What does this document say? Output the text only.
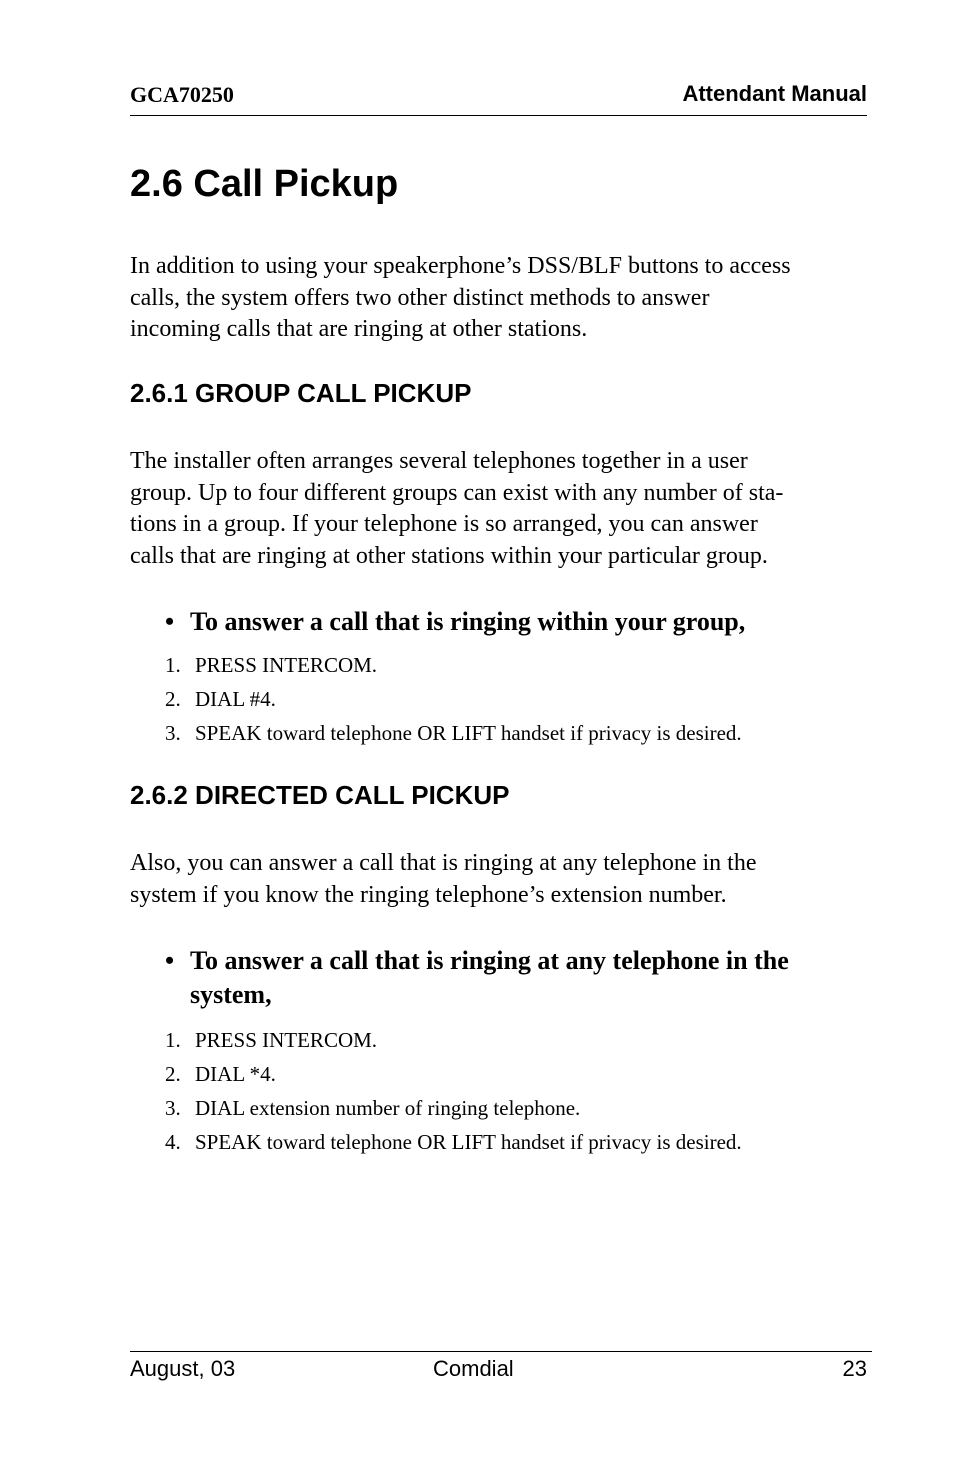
GCA70250	Attendant Manual
2.6 Call Pickup

In addition to using your speakerphone’s DSS/BLF buttons to access
calls, the system offers two other distinct methods to answer
incoming calls that are ringing at other stations.

2.6.1 GROUP CALL PICKUP

The installer often arranges several telephones together in a user
group. Up to four different groups can exist with any number of sta-
tions in a group. If your telephone is so arranged, you can answer
calls that are ringing at other stations within your particular group.

• To answer a call that is ringing within your group,
1. PRESS INTERCOM.
2. DIAL #4.
3. SPEAK toward telephone OR LIFT handset if privacy is desired.
2.6.2 DIRECTED CALL PICKUP

Also, you can answer a call that is ringing at any telephone in the
system if you know the ringing telephone’s extension number.

• To answer a call that is ringing at any telephone in the
system,
1. PRESS INTERCOM.
2. DIAL *4.
3. DIAL extension number of ringing telephone.
4. SPEAK toward telephone OR LIFT handset if privacy is desired.
August, 03	Comdial	23
